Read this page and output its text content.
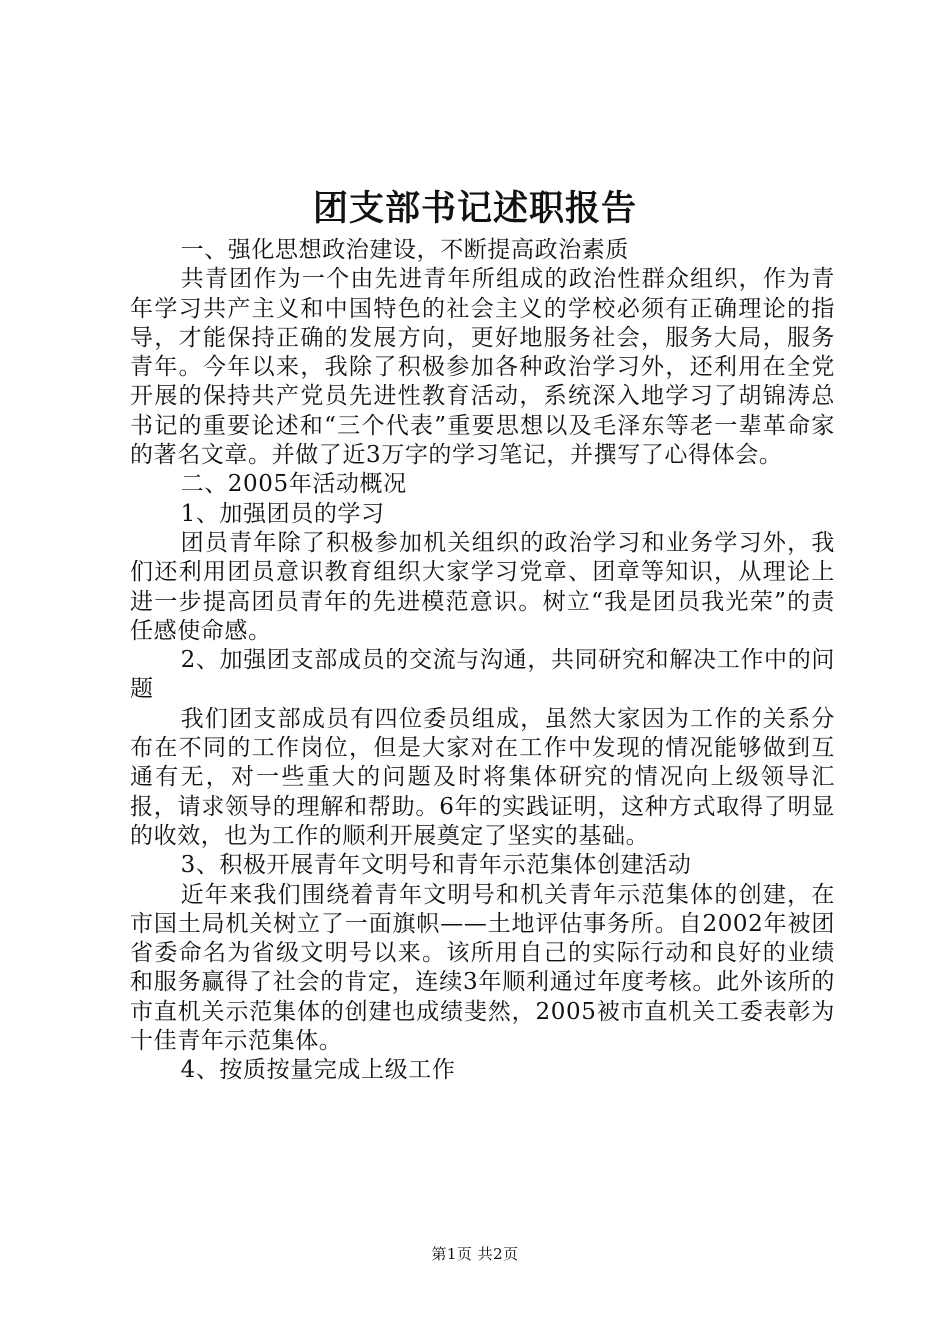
团支部书记述职报告

一、强化思想政治建设，不断提高政治素质

共青团作为一个由先进青年所组成的政治性群众组织，作为青年学习共产主义和中国特色的社会主义的学校必须有正确理论的指导，才能保持正确的发展方向，更好地服务社会，服务大局，服务青年。今年以来，我除了积极参加各种政治学习外，还利用在全党开展的保持共产党员先进性教育活动，系统深入地学习了胡锦涛总书记的重要论述和“三个代表”重要思想以及毛泽东等老一辈革命家的著名文章。并做了近3万字的学习笔记，并撰写了心得体会。

二、2005年活动概况

1、加强团员的学习

团员青年除了积极参加机关组织的政治学习和业务学习外，我们还利用团员意识教育组织大家学习党章、团章等知识，从理论上进一步提高团员青年的先进模范意识。树立“我是团员我光荣”的责任感使命感。

2、加强团支部成员的交流与沟通，共同研究和解决工作中的问题

我们团支部成员有四位委员组成，虽然大家因为工作的关系分布在不同的工作岗位，但是大家对在工作中发现的情况能够做到互通有无，对一些重大的问题及时将集体研究的情况向上级领导汇报，请求领导的理解和帮助。6年的实践证明，这种方式取得了明显的收效，也为工作的顺利开展奠定了坚实的基础。

3、积极开展青年文明号和青年示范集体创建活动

近年来我们围绕着青年文明号和机关青年示范集体的创建，在市国土局机关树立了一面旗帜——土地评估事务所。自2002年被团省委命名为省级文明号以来。该所用自己的实际行动和良好的业绩和服务赢得了社会的肯定，连续3年顺利通过年度考核。此外该所的市直机关示范集体的创建也成绩斐然，2005被市直机关工委表彰为十佳青年示范集体。

4、按质按量完成上级工作

第1页 共2页
